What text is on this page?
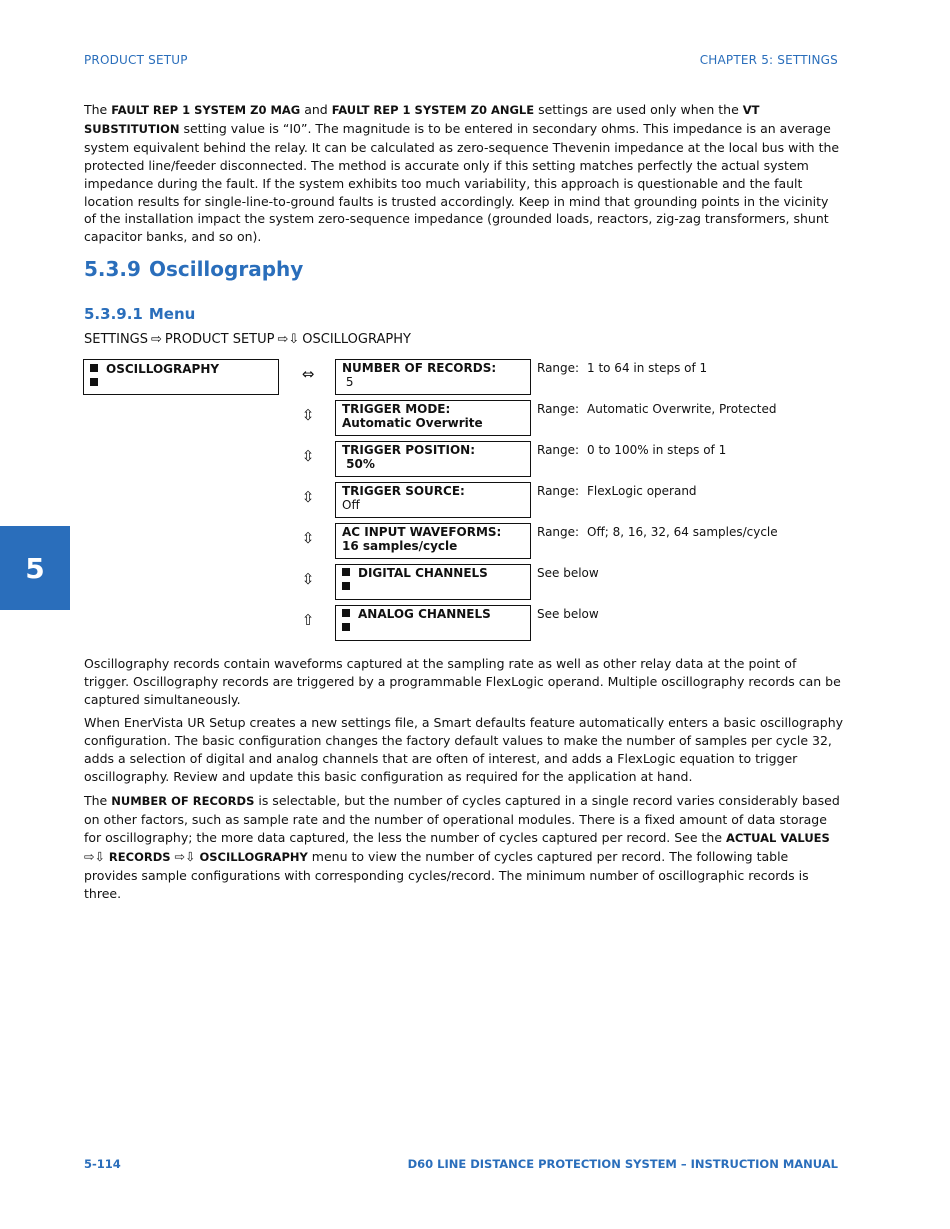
PRODUCT SETUP	CHAPTER 5: SETTINGS

The FAULT REP 1 SYSTEM Z0 MAG and FAULT REP 1 SYSTEM Z0 ANGLE settings are used only when the VT SUBSTITUTION setting value is “I0”. The magnitude is to be entered in secondary ohms. This impedance is an average system equivalent behind the relay. It can be calculated as zero-sequence Thevenin impedance at the local bus with the protected line/feeder disconnected. The method is accurate only if this setting matches perfectly the actual system impedance during the fault. If the system exhibits too much variability, this approach is questionable and the fault location results for single-line-to-ground faults is trusted accordingly. Keep in mind that grounding points in the vicinity of the installation impact the system zero-sequence impedance (grounded loads, reactors, zig-zag transformers, shunt capacitor banks, and so on).

5.3.9 Oscillography
5.3.9.1 Menu
SETTINGS ⇨ PRODUCT SETUP ⇨⇩ OSCILLOGRAPHY
OSCILLOGRAPHY	⇔	NUMBER OF RECORDS:
5
Range: 1 to 64 in steps of 1
⇳	TRIGGER MODE:
Automatic Overwrite
Range: Automatic Overwrite, Protected
⇳	TRIGGER POSITION:
50%
Range: 0 to 100% in steps of 1
⇳	TRIGGER SOURCE:
Off
Range: FlexLogic operand
⇳	AC INPUT WAVEFORMS:
16 samples/cycle
Range: Off; 8, 16, 32, 64 samples/cycle
⇳	DIGITAL CHANNELS	See below
⇧	ANALOG CHANNELS	See below
5

Oscillography records contain waveforms captured at the sampling rate as well as other relay data at the point of trigger. Oscillography records are triggered by a programmable FlexLogic operand. Multiple oscillography records can be captured simultaneously.

When EnerVista UR Setup creates a new settings file, a Smart defaults feature automatically enters a basic oscillography configuration. The basic configuration changes the factory default values to make the number of samples per cycle 32, adds a selection of digital and analog channels that are often of interest, and adds a FlexLogic equation to trigger oscillography. Review and update this basic configuration as required for the application at hand.

The NUMBER OF RECORDS is selectable, but the number of cycles captured in a single record varies considerably based on other factors, such as sample rate and the number of operational modules. There is a fixed amount of data storage for oscillography; the more data captured, the less the number of cycles captured per record. See the ACTUAL VALUES ⇨⇩ RECORDS ⇨⇩ OSCILLOGRAPHY menu to view the number of cycles captured per record. The following table provides sample configurations with corresponding cycles/record. The minimum number of oscillographic records is three.

5-114	D60 LINE DISTANCE PROTECTION SYSTEM – INSTRUCTION MANUAL
